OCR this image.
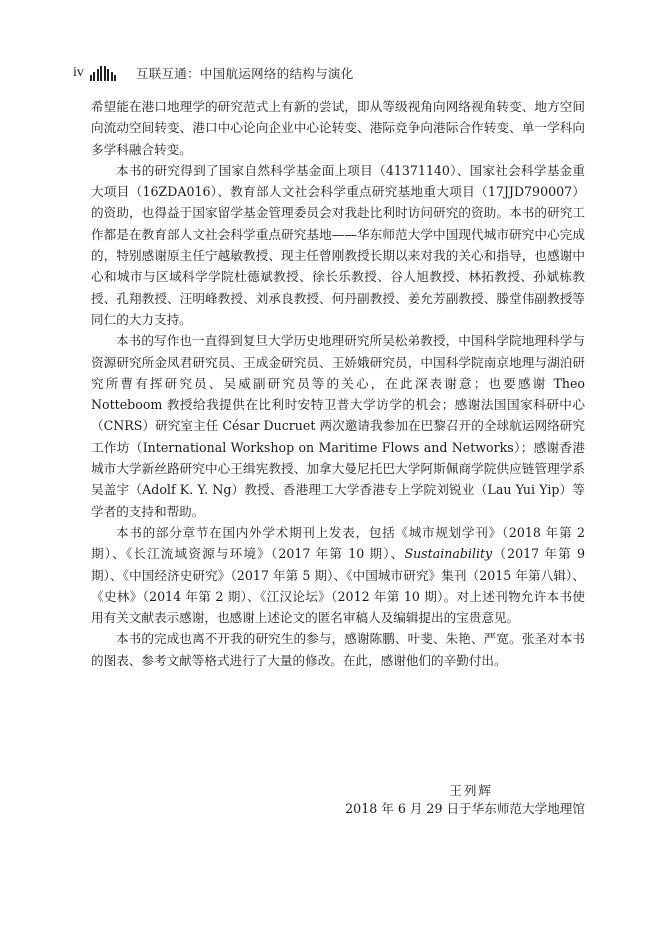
iv	互联互通：中国航运网络的结构与演化

希望能在港口地理学的研究范式上有新的尝试，即从等级视角向网络视角转变、地方空间向流动空间转变、港口中心论向企业中心论转变、港际竞争向港际合作转变、单一学科向多学科融合转变。

本书的研究得到了国家自然科学基金面上项目（41371140）、国家社会科学基金重大项目（16ZDA016）、教育部人文社会科学重点研究基地重大项目（17JJD790007）的资助，也得益于国家留学基金管理委员会对我赴比利时访问研究的资助。本书的研究工作都是在教育部人文社会科学重点研究基地——华东师范大学中国现代城市研究中心完成的，特别感谢原主任宁越敏教授、现主任曾刚教授长期以来对我的关心和指导，也感谢中心和城市与区域科学学院杜德斌教授、徐长乐教授、谷人旭教授、林拓教授、孙斌栋教授、孔翔教授、汪明峰教授、刘承良教授、何丹副教授、姜允芳副教授、滕堂伟副教授等同仁的大力支持。

本书的写作也一直得到复旦大学历史地理研究所吴松弟教授，中国科学院地理科学与资源研究所金凤君研究员、王成金研究员、王娇娥研究员，中国科学院南京地理与湖泊研究所曹有挥研究员、吴威副研究员等的关心，在此深表谢意；也要感谢 Theo Notteboom 教授给我提供在比利时安特卫普大学访学的机会；感谢法国国家科研中心（CNRS）研究室主任 César Ducruet 两次邀请我参加在巴黎召开的全球航运网络研究工作坊（International Workshop on Maritime Flows and Networks）；感谢香港城市大学新丝路研究中心王缉宪教授、加拿大曼尼托巴大学阿斯佩商学院供应链管理学系吴盖宇（Adolf K. Y. Ng）教授、香港理工大学香港专上学院刘锐业（Lau Yui Yip）等学者的支持和帮助。

本书的部分章节在国内外学术期刊上发表，包括《城市规划学刊》（2018 年第 2 期）、《长江流域资源与环境》（2017 年第 10 期）、Sustainability（2017 年第 9 期）、《中国经济史研究》（2017 年第 5 期）、《中国城市研究》集刊（2015 年第八辑）、《史林》（2014 年第 2 期）、《江汉论坛》（2012 年第 10 期）。对上述刊物允许本书使用有关文献表示感谢，也感谢上述论文的匿名审稿人及编辑提出的宝贵意见。

本书的完成也离不开我的研究生的参与，感谢陈鹏、叶斐、朱艳、严宽。张圣对本书的图表、参考文献等格式进行了大量的修改。在此，感谢他们的辛勤付出。

王列辉
2018 年 6 月 29 日于华东师范大学地理馆
